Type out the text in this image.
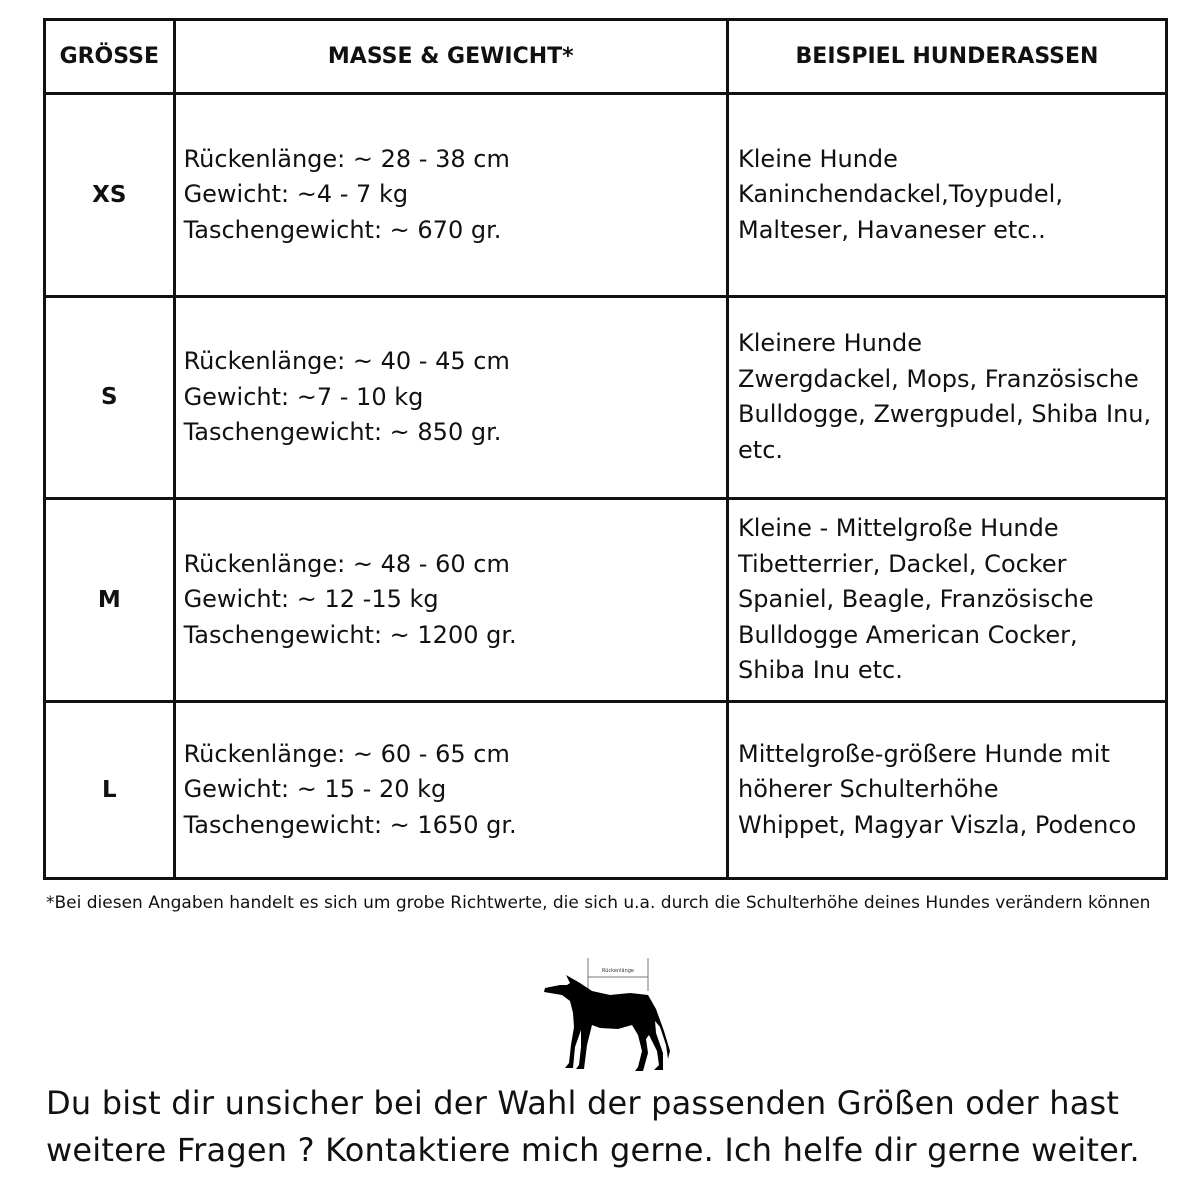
GRÖSSE	MASSE & GEWICHT*	BEISPIEL HUNDERASSEN
XS	Rückenlänge: ~ 28 - 38 cm
Gewicht: ~4 - 7 kg
Taschengewicht: ~ 670 gr.	Kleine Hunde
Kaninchendackel,Toypudel,
Malteser, Havaneser etc..

S	Rückenlänge: ~ 40 - 45 cm
Gewicht: ~7 - 10 kg
Taschengewicht: ~ 850 gr.	Kleinere Hunde
Zwergdackel, Mops, Französische
Bulldogge, Zwergpudel, Shiba Inu,
etc.

M	Rückenlänge: ~ 48 - 60 cm
Gewicht: ~ 12 -15 kg
Taschengewicht: ~ 1200 gr.	Kleine - Mittelgroße Hunde
Tibetterrier, Dackel, Cocker
Spaniel, Beagle, Französische
Bulldogge American Cocker,
Shiba Inu etc.

L	Rückenlänge: ~ 60 - 65 cm
Gewicht: ~ 15 - 20 kg
Taschengewicht: ~ 1650 gr.	Mittelgroße-größere Hunde mit
höherer Schulterhöhe
Whippet, Magyar Viszla, Podenco

*Bei diesen Angaben handelt es sich um grobe Richtwerte, die sich u.a. durch die Schulterhöhe deines Hundes verändern können

Rückenlänge
Du bist dir unsicher bei der Wahl der passenden Größen oder hast
weitere Fragen ? Kontaktiere mich gerne. Ich helfe dir gerne weiter.
